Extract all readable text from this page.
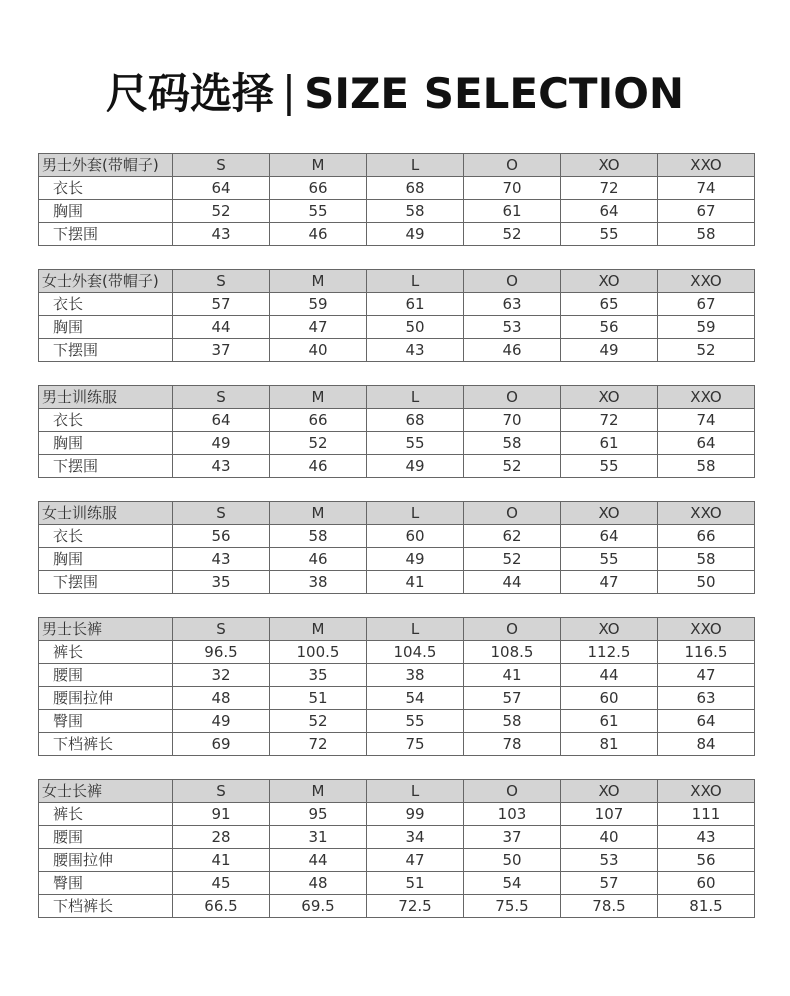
尺码选择 | SIZE SELECTION
男士外套(带帽子)	S	M	L	O	XO	XXO
衣长	64	66	68	70	72	74
胸围	52	55	58	61	64	67
下摆围	43	46	49	52	55	58
女士外套(带帽子)	S	M	L	O	XO	XXO
衣长	57	59	61	63	65	67
胸围	44	47	50	53	56	59
下摆围	37	40	43	46	49	52
男士训练服	S	M	L	O	XO	XXO
衣长	64	66	68	70	72	74
胸围	49	52	55	58	61	64
下摆围	43	46	49	52	55	58
女士训练服	S	M	L	O	XO	XXO
衣长	56	58	60	62	64	66
胸围	43	46	49	52	55	58
下摆围	35	38	41	44	47	50
男士长裤	S	M	L	O	XO	XXO
裤长	96.5	100.5	104.5	108.5	112.5	116.5
腰围	32	35	38	41	44	47
腰围拉伸	48	51	54	57	60	63
臀围	49	52	55	58	61	64
下档裤长	69	72	75	78	81	84
女士长裤	S	M	L	O	XO	XXO
裤长	91	95	99	103	107	111
腰围	28	31	34	37	40	43
腰围拉伸	41	44	47	50	53	56
臀围	45	48	51	54	57	60
下档裤长	66.5	69.5	72.5	75.5	78.5	81.5
